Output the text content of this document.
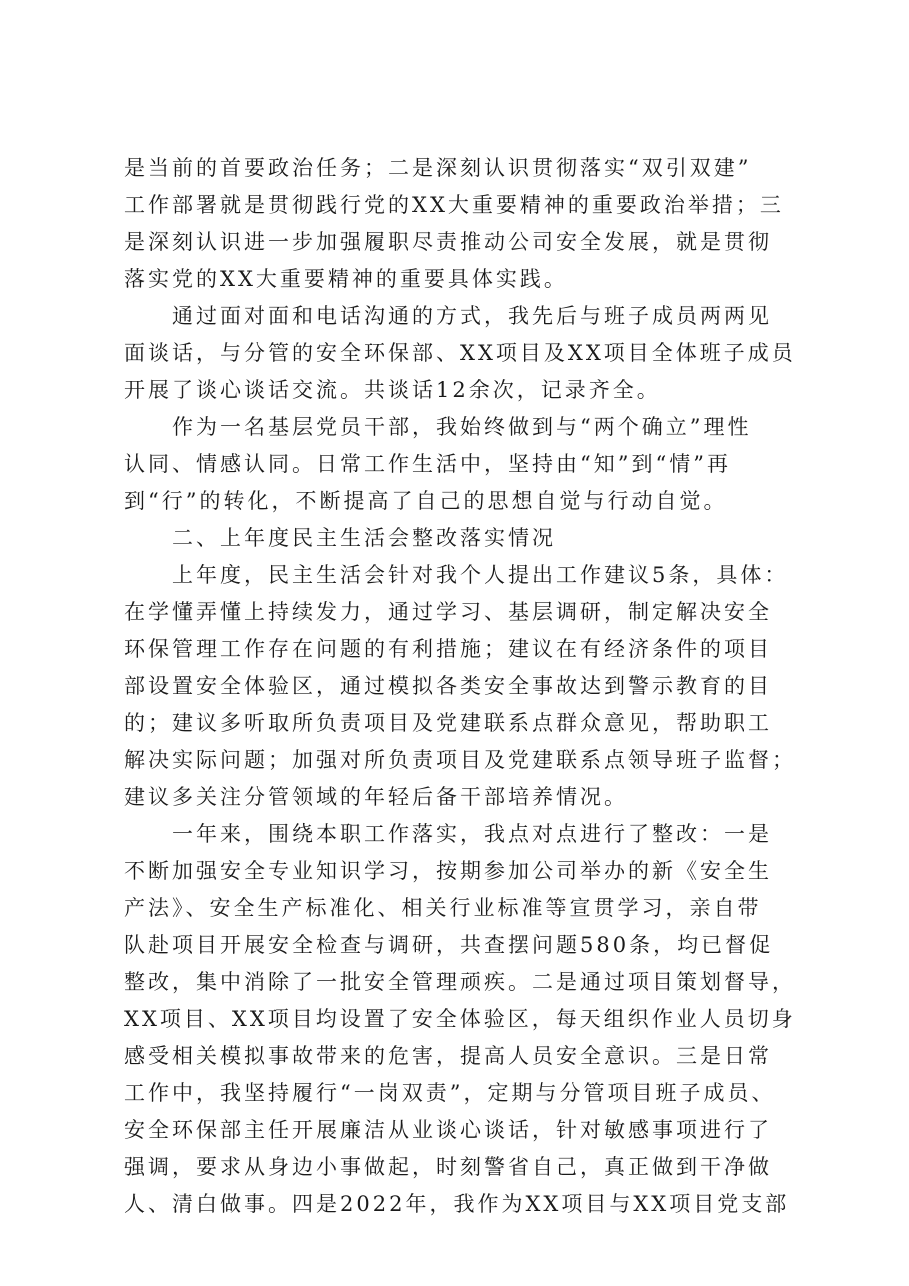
是当前的首要政治任务；二是深刻认识贯彻落实“双引双建”
工作部署就是贯彻践行党的XX大重要精神的重要政治举措；三
是深刻认识进一步加强履职尽责推动公司安全发展，就是贯彻
落实党的XX大重要精神的重要具体实践。
通过面对面和电话沟通的方式，我先后与班子成员两两见
面谈话，与分管的安全环保部、XX项目及XX项目全体班子成员
开展了谈心谈话交流。共谈话12余次，记录齐全。
作为一名基层党员干部，我始终做到与“两个确立”理性
认同、情感认同。日常工作生活中，坚持由“知”到“情”再
到“行”的转化，不断提高了自己的思想自觉与行动自觉。
二、上年度民主生活会整改落实情况
上年度，民主生活会针对我个人提出工作建议5条，具体：
在学懂弄懂上持续发力，通过学习、基层调研，制定解决安全
环保管理工作存在问题的有利措施；建议在有经济条件的项目
部设置安全体验区，通过模拟各类安全事故达到警示教育的目
的；建议多听取所负责项目及党建联系点群众意见，帮助职工
解决实际问题；加强对所负责项目及党建联系点领导班子监督；
建议多关注分管领域的年轻后备干部培养情况。
一年来，围绕本职工作落实，我点对点进行了整改：一是
不断加强安全专业知识学习，按期参加公司举办的新《安全生
产法》、安全生产标准化、相关行业标准等宣贯学习，亲自带
队赴项目开展安全检查与调研，共查摆问题580条，均已督促
整改，集中消除了一批安全管理顽疾。二是通过项目策划督导，
XX项目、XX项目均设置了安全体验区，每天组织作业人员切身
感受相关模拟事故带来的危害，提高人员安全意识。三是日常
工作中，我坚持履行“一岗双责”，定期与分管项目班子成员、
安全环保部主任开展廉洁从业谈心谈话，针对敏感事项进行了
强调，要求从身边小事做起，时刻警省自己，真正做到干净做
人、清白做事。四是2022年，我作为XX项目与XX项目党支部
